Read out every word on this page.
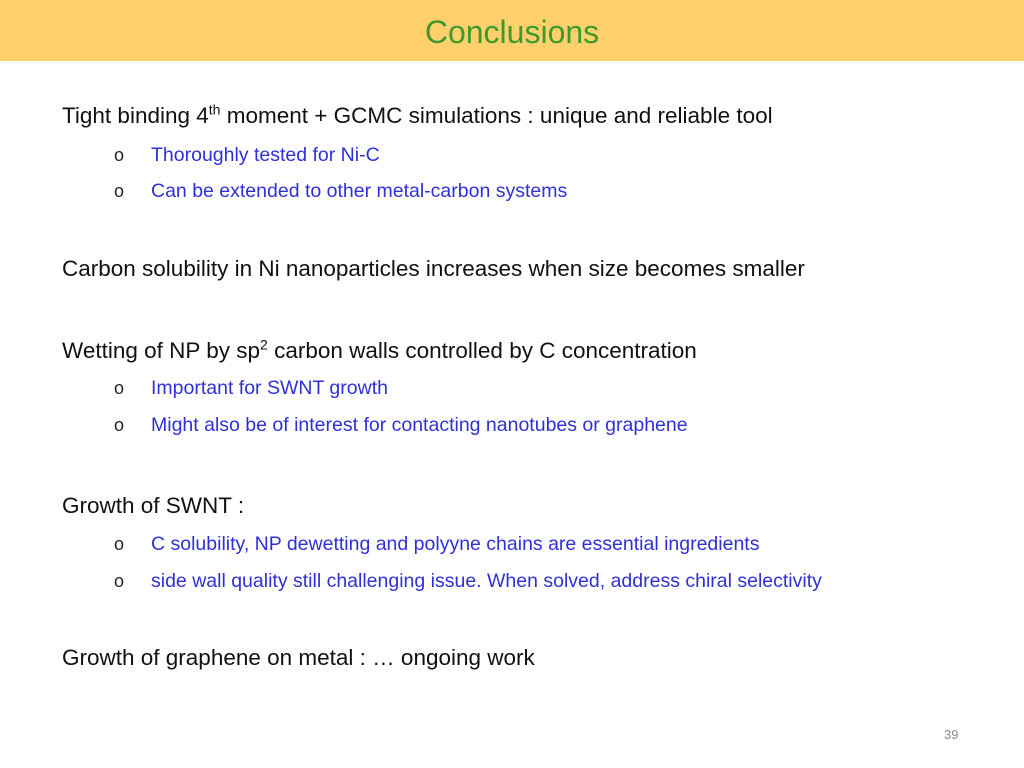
Conclusions
Tight binding 4th moment + GCMC simulations : unique and reliable tool
o Thoroughly tested for Ni-C
o Can be extended to other metal-carbon systems
Carbon solubility in Ni nanoparticles increases when size becomes smaller
Wetting of NP by $sp^2$ carbon walls controlled by C concentration
o Important for SWNT growth
o Might also be of interest for contacting nanotubes or graphene
Growth of SWNT :
o C solubility, NP dewetting and polyyne chains are essential ingredients
o side wall quality still challenging issue. When solved, address chiral selectivity
Growth of graphene on metal : … ongoing work
39
